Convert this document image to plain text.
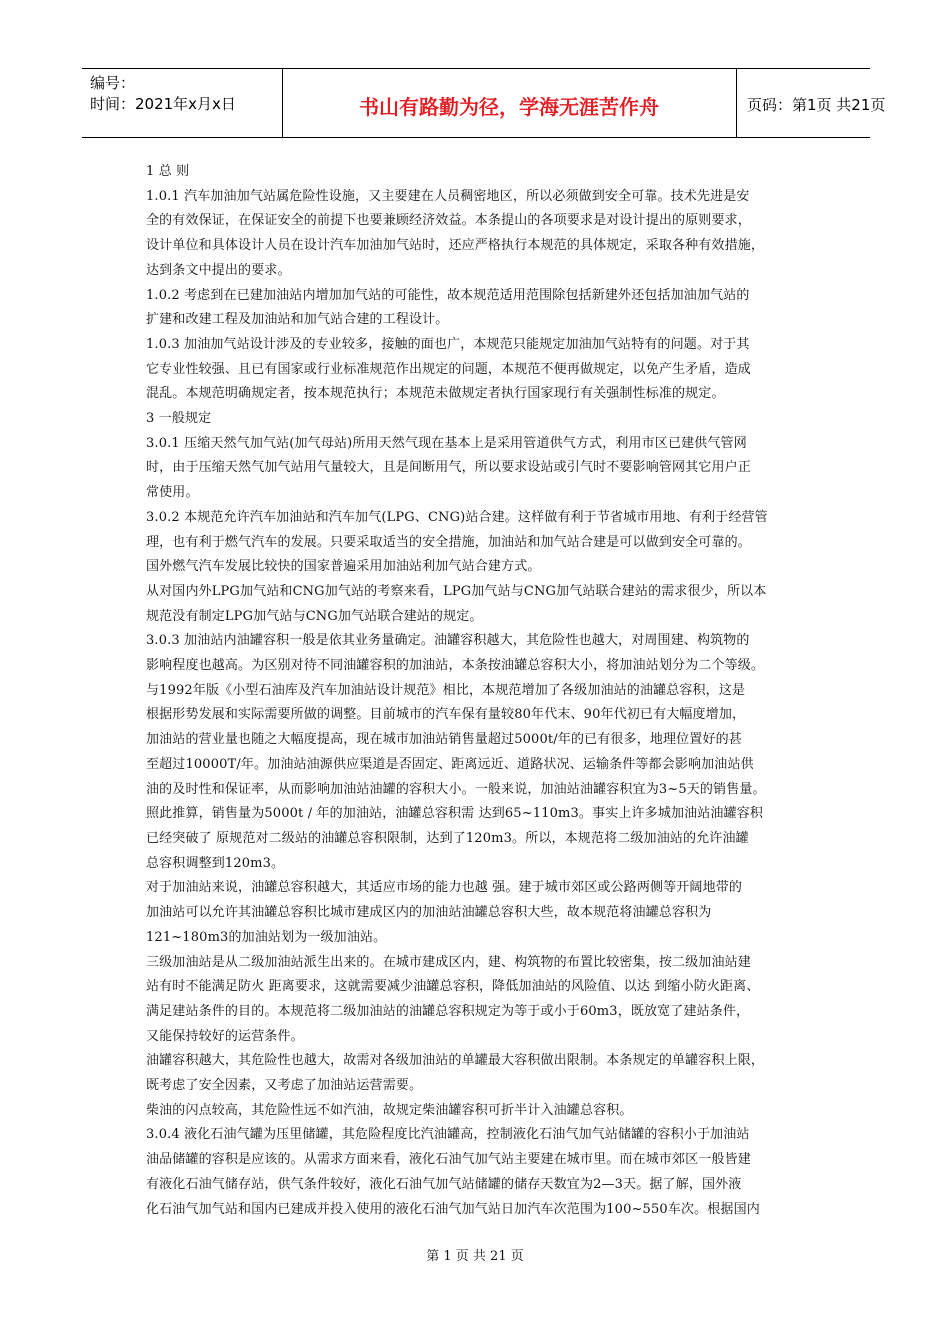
编号：
时间：2021年x月x日	书山有路勤为径，学海无涯苦作舟	页码：第1页 共21页

1 总 则

1.0.1 汽车加油加气站属危险性设施，又主要建在人员稠密地区，所以必须做到安全可靠。技术先进是安

全的有效保证，在保证安全的前提下也要兼顾经济效益。本条提山的各项要求是对设计提出的原则要求，

设计单位和具体设计人员在设计汽车加油加气站时，还应严格执行本规范的具体规定，采取各种有效措施，

达到条文中提出的要求。

1.0.2 考虑到在已建加油站内增加加气站的可能性，故本规范适用范围除包括新建外还包括加油加气站的

扩建和改建工程及加油站和加气站合建的工程设计。

1.0.3 加油加气站设计涉及的专业较多，接触的面也广，本规范只能规定加油加气站特有的问题。对于其

它专业性较强、且已有国家或行业标准规范作出规定的问题，本规范不便再做规定，以免产生矛盾，造成

混乱。本规范明确规定者，按本规范执行；本规范未做规定者执行国家现行有关强制性标准的规定。

3 一般规定

3.0.1 压缩天然气加气站(加气母站)所用天然气现在基本上是采用管道供气方式，利用市区已建供气管网

时，由于压缩天然气加气站用气量较大，且是间断用气，所以要求设站或引气时不要影响管网其它用户正

常使用。

3.0.2 本规范允许汽车加油站和汽车加气(LPG、CNG)站合建。这样做有利于节省城市用地、有利于经营管

理，也有利于燃气汽车的发展。只要采取适当的安全措施，加油站和加气站合建是可以做到安全可靠的。

国外燃气汽车发展比较快的国家普遍采用加油站利加气站合建方式。

从对国内外LPG加气站和CNG加气站的考察来看，LPG加气站与CNG加气站联合建站的需求很少，所以本

规范没有制定LPG加气站与CNG加气站联合建站的规定。

3.0.3 加油站内油罐容积一般是依其业务量确定。油罐容积越大，其危险性也越大，对周围建、构筑物的

影响程度也越高。为区别对待不同油罐容积的加油站，本条按油罐总容积大小，将加油站划分为二个等级。

与1992年版《小型石油库及汽车加油站设计规范》相比，本规范增加了各级加油站的油罐总容积，这是

根据形势发展和实际需要所做的调整。目前城市的汽车保有量较80年代末、90年代初已有大幅度增加，

加油站的营业量也随之大幅度提高，现在城市加油站销售量超过5000t/年的已有很多，地理位置好的甚

至超过10000T/年。加油站油源供应渠道是否固定、距离远近、道路状况、运输条件等都会影响加油站供

油的及时性和保证率，从而影响加油站油罐的容积大小。一般来说，加油站油罐容积宜为3~5天的销售量。

照此推算，销售量为5000t / 年的加油站，油罐总容积需 达到65~110m3。事实上许多城加油站油罐容积

已经突破了 原规范对二级站的油罐总容积限制，达到了120m3。所以，本规范将二级加油站的允许油罐

总容积调整到120m3。

对于加油站来说，油罐总容积越大，其适应市场的能力也越 强。建于城市郊区或公路两侧等开阔地带的

加油站可以允许其油罐总容积比城市建成区内的加油站油罐总容积大些，故本规范将油罐总容积为

121~180m3的加油站划为一级加油站。

三级加油站是从二级加油站派生出来的。在城市建成区内，建、构筑物的布置比较密集，按二级加油站建

站有时不能满足防火 距离要求，这就需要减少油罐总容积，降低加油站的风险值、以达 到缩小防火距离、

满足建站条件的目的。本规范将二级加油站的油罐总容积规定为等于或小于60m3，既放宽了建站条件，

又能保持较好的运营条件。

油罐容积越大，其危险性也越大，故需对各级加油站的单罐最大容积做出限制。本条规定的单罐容积上限，

既考虑了安全因素，又考虑了加油站运营需要。

柴油的闪点较高，其危险性远不如汽油，故规定柴油罐容积可折半计入油罐总容积。

3.0.4 液化石油气罐为压里储罐，其危险程度比汽油罐高，控制液化石油气加气站储罐的容积小于加油站

油品储罐的容积是应该的。从需求方面来看，液化石油气加气站主要建在城市里。而在城市郊区一般皆建

有液化石油气储存站，供气条件较好，液化石油气加气站储罐的储存天数宜为2—3天。据了解，国外液

化石油气加气站和国内已建成并投入使用的液化石油气加气站日加汽车次范围为100~550车次。根据国内

第 1 页 共 21 页
